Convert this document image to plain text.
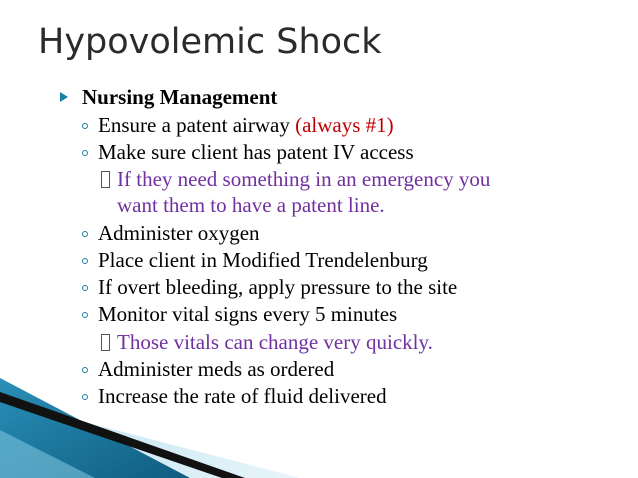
Hypovolemic Shock
Nursing Management
Ensure a patent airway (always #1)
Make sure client has patent IV access
If they need something in an emergency you
want them to have a patent line.
Administer oxygen
Place client in Modified Trendelenburg
If overt bleeding, apply pressure to the site
Monitor vital signs every 5 minutes
Those vitals can change very quickly.
Administer meds as ordered
Increase the rate of fluid delivered
